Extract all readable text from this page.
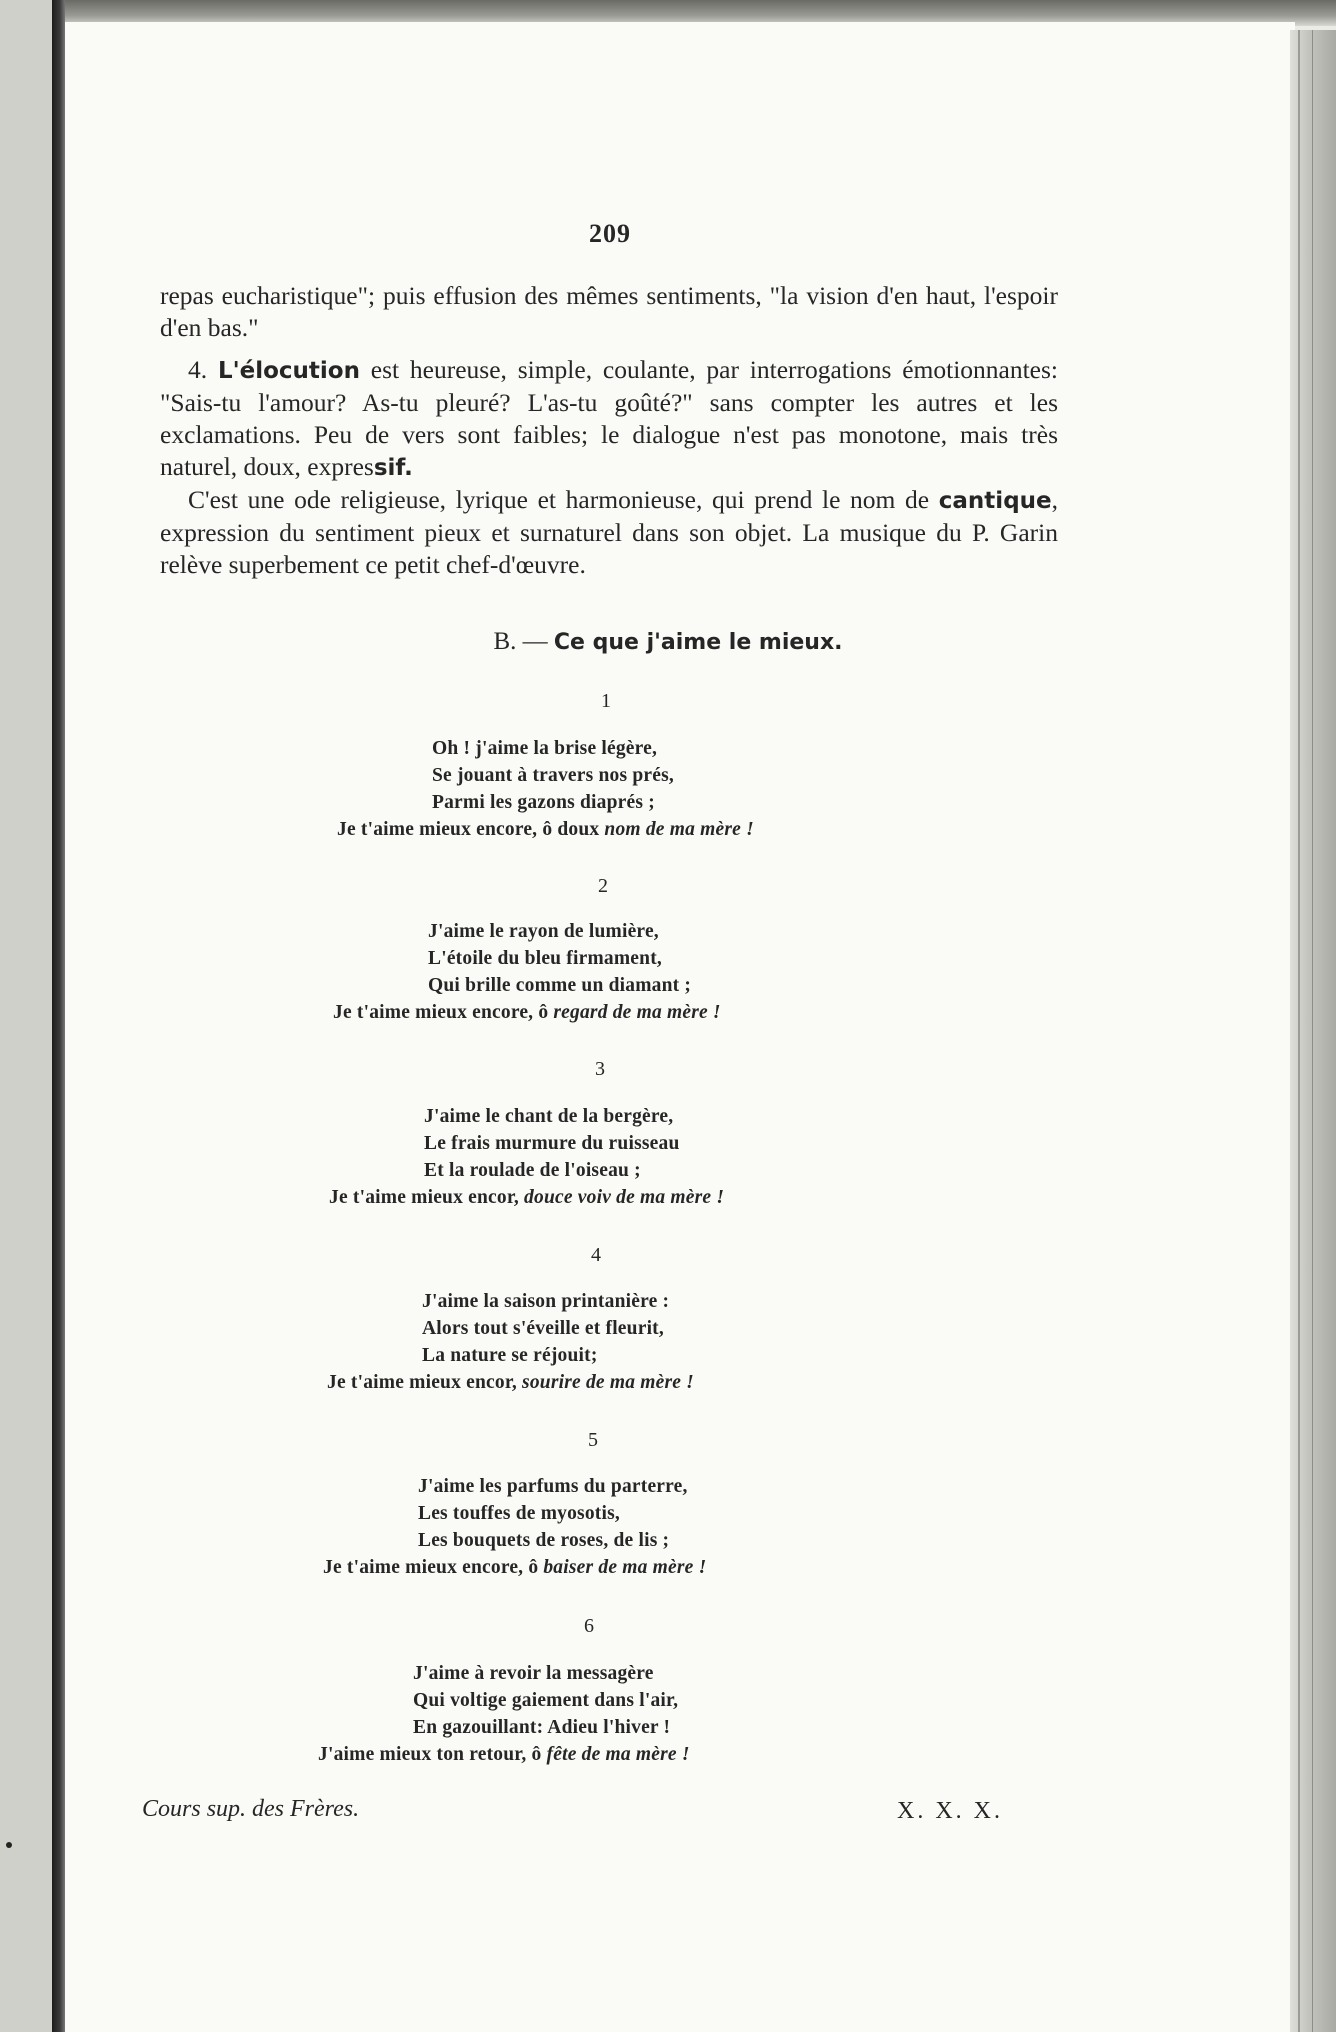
209

repas eucharistique"; puis effusion des mêmes sentiments, "la vision d'en haut, l'espoir d'en bas."

4. L'élocution est heureuse, simple, coulante, par interrogations émotionnantes: "Sais-tu l'amour? As-tu pleuré? L'as-tu goûté?" sans compter les autres et les exclamations. Peu de vers sont faibles; le dialogue n'est pas monotone, mais très naturel, doux, expressif.

C'est une ode religieuse, lyrique et harmonieuse, qui prend le nom de cantique, expression du sentiment pieux et surnaturel dans son objet. La musique du P. Garin relève superbement ce petit chef-d'œuvre.

B. — Ce que j'aime le mieux.
1
Oh ! j'aime la brise légère,
Se jouant à travers nos prés,
Parmi les gazons diaprés ;
Je t'aime mieux encore, ô doux nom de ma mère !
2
J'aime le rayon de lumière,
L'étoile du bleu firmament,
Qui brille comme un diamant ;
Je t'aime mieux encore, ô regard de ma mère !
3
J'aime le chant de la bergère,
Le frais murmure du ruisseau
Et la roulade de l'oiseau ;
Je t'aime mieux encor, douce voiv de ma mère !
4
J'aime la saison printanière :
Alors tout s'éveille et fleurit,
La nature se réjouit;
Je t'aime mieux encor, sourire de ma mère !
5
J'aime les parfums du parterre,
Les touffes de myosotis,
Les bouquets de roses, de lis ;
Je t'aime mieux encore, ô baiser de ma mère !
6
J'aime à revoir la messagère
Qui voltige gaiement dans l'air,
En gazouillant: Adieu l'hiver !
J'aime mieux ton retour, ô fête de ma mère !
Cours sup. des Frères.	X. X. X.
